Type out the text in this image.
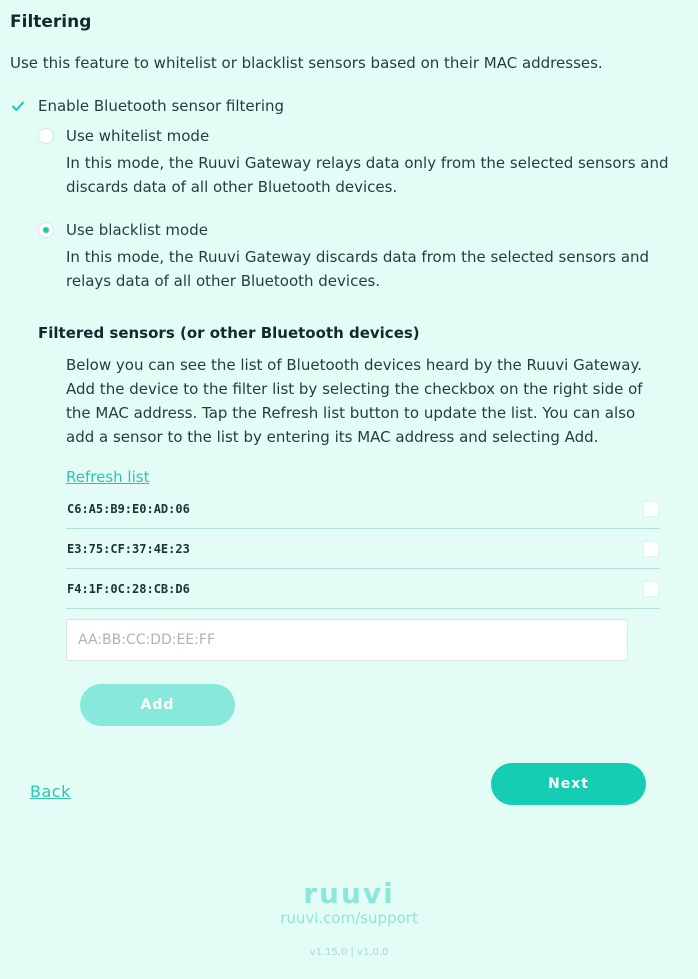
Filtering
Use this feature to whitelist or blacklist sensors based on their MAC addresses.
Enable Bluetooth sensor filtering
Use whitelist mode
In this mode, the Ruuvi Gateway relays data only from the selected sensors and discards data of all other Bluetooth devices.
Use blacklist mode
In this mode, the Ruuvi Gateway discards data from the selected sensors and relays data of all other Bluetooth devices.
Filtered sensors (or other Bluetooth devices)
Below you can see the list of Bluetooth devices heard by the Ruuvi Gateway. Add the device to the filter list by selecting the checkbox on the right side of the MAC address. Tap the Refresh list button to update the list. You can also add a sensor to the list by entering its MAC address and selecting Add.
Refresh list
C6:A5:B9:E0:AD:06
E3:75:CF:37:4E:23
F4:1F:0C:28:CB:D6
AA:BB:CC:DD:EE:FF
Add
Back	Next
ruuvi
ruuvi.com/support
v1.15.0 | v1.0.0
